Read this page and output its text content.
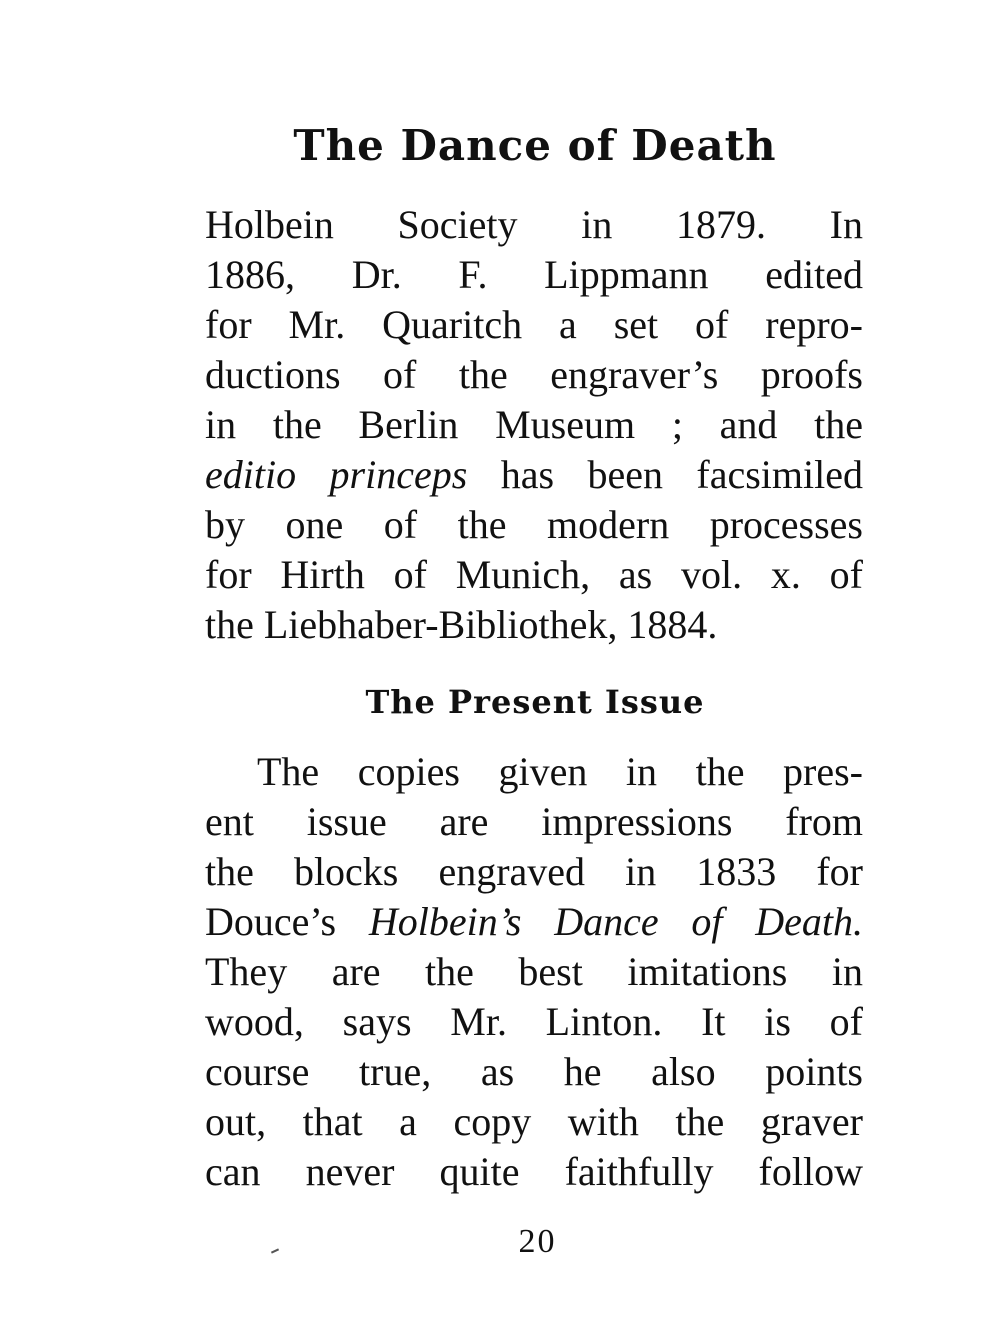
The Dance of Death
Holbein Society in 1879. In
1886, Dr. F. Lippmann edited
for Mr. Quaritch a set of repro-
ductions of the engraver’s proofs
in the Berlin Museum ; and the
editio princeps has been facsimiled
by one of the modern processes
for Hirth of Munich, as vol. x. of
the Liebhaber-Bibliothek, 1884.
The Present Issue
The copies given in the pres-
ent issue are impressions from
the blocks engraved in 1833 for
Douce’s Holbein’s Dance of Death.
They are the best imitations in
wood, says Mr. Linton. It is of
course true, as he also points
out, that a copy with the graver
can never quite faithfully follow
20
